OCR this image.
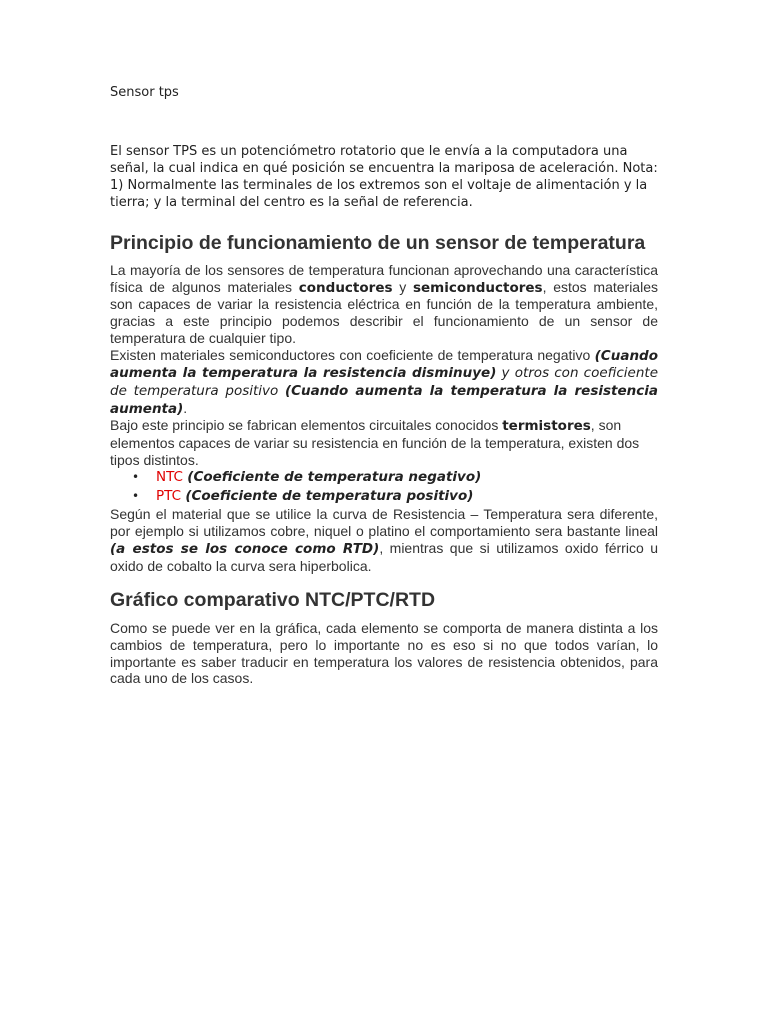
Sensor tps

El sensor TPS es un potenciómetro rotatorio que le envía a la computadora una señal, la cual indica en qué posición se encuentra la mariposa de aceleración. Nota: 1) Normalmente las terminales de los extremos son el voltaje de alimentación y la tierra; y la terminal del centro es la señal de referencia.

Principio de funcionamiento de un sensor de temperatura

La mayoría de los sensores de temperatura funcionan aprovechando una característica física de algunos materiales conductores y semiconductores, estos materiales son capaces de variar la resistencia eléctrica en función de la temperatura ambiente, gracias a este principio podemos describir el funcionamiento de un sensor de temperatura de cualquier tipo.

Existen materiales semiconductores con coeficiente de temperatura negativo (Cuando aumenta la temperatura la resistencia disminuye) y otros con coeficiente de temperatura positivo (Cuando aumenta la temperatura la resistencia aumenta).

Bajo este principio se fabrican elementos circuitales conocidos termistores, son elementos capaces de variar su resistencia en función de la temperatura, existen dos tipos distintos.

• NTC (Coeficiente de temperatura negativo)
• PTC (Coeficiente de temperatura positivo)

Según el material que se utilice la curva de Resistencia – Temperatura sera diferente, por ejemplo si utilizamos cobre, niquel o platino el comportamiento sera bastante lineal (a estos se los conoce como RTD), mientras que si utilizamos oxido férrico u oxido de cobalto la curva sera hiperbolica.

Gráfico comparativo NTC/PTC/RTD

Como se puede ver en la gráfica, cada elemento se comporta de manera distinta a los cambios de temperatura, pero lo importante no es eso si no que todos varían, lo importante es saber traducir en temperatura los valores de resistencia obtenidos, para cada uno de los casos.
